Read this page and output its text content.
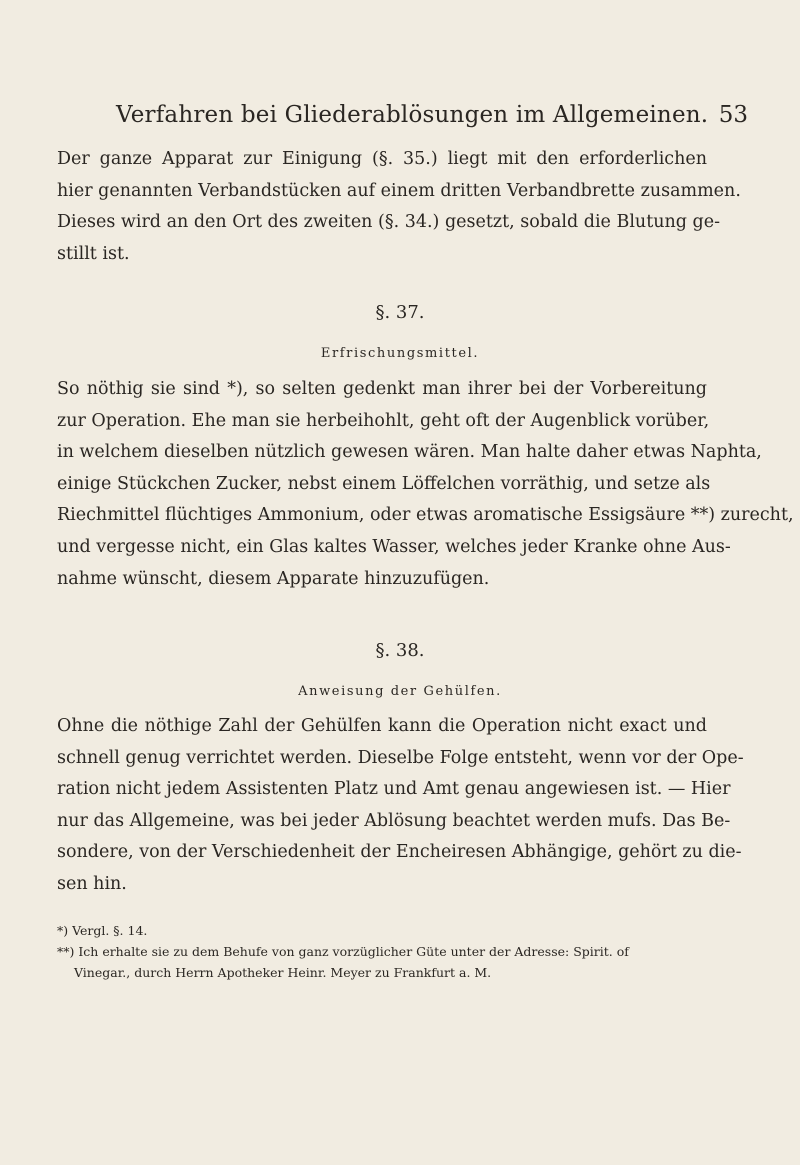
Verfahren bei Gliederablösungen im Allgemeinen. 53
Der ganze Apparat zur Einigung (§. 35.) liegt mit den erforderlichen
hier genannten Verbandstücken auf einem dritten Verbandbrette zusammen.
Dieses wird an den Ort des zweiten (§. 34.) gesetzt, sobald die Blutung ge-
stillt ist.

§. 37.

Erfrischungsmittel.

So nöthig sie sind *), so selten gedenkt man ihrer bei der Vorbereitung
zur Operation. Ehe man sie herbeihohlt, geht oft der Augenblick vorüber,
in welchem dieselben nützlich gewesen wären. Man halte daher etwas Naphta,
einige Stückchen Zucker, nebst einem Löffelchen vorräthig, und setze als
Riechmittel flüchtiges Ammonium, oder etwas aromatische Essigsäure **) zurecht,
und vergesse nicht, ein Glas kaltes Wasser, welches jeder Kranke ohne Aus-
nahme wünscht, diesem Apparate hinzuzufügen.

§. 38.

Anweisung der Gehülfen.

Ohne die nöthige Zahl der Gehülfen kann die Operation nicht exact und
schnell genug verrichtet werden. Dieselbe Folge entsteht, wenn vor der Ope-
ration nicht jedem Assistenten Platz und Amt genau angewiesen ist. — Hier
nur das Allgemeine, was bei jeder Ablösung beachtet werden mufs. Das Be-
sondere, von der Verschiedenheit der Encheiresen Abhängige, gehört zu die-
sen hin.

*) Vergl. §. 14.

**) Ich erhalte sie zu dem Behufe von ganz vorzüglicher Güte unter der Adresse: Spirit. of

Vinegar., durch Herrn Apotheker Heinr. Meyer zu Frankfurt a. M.
